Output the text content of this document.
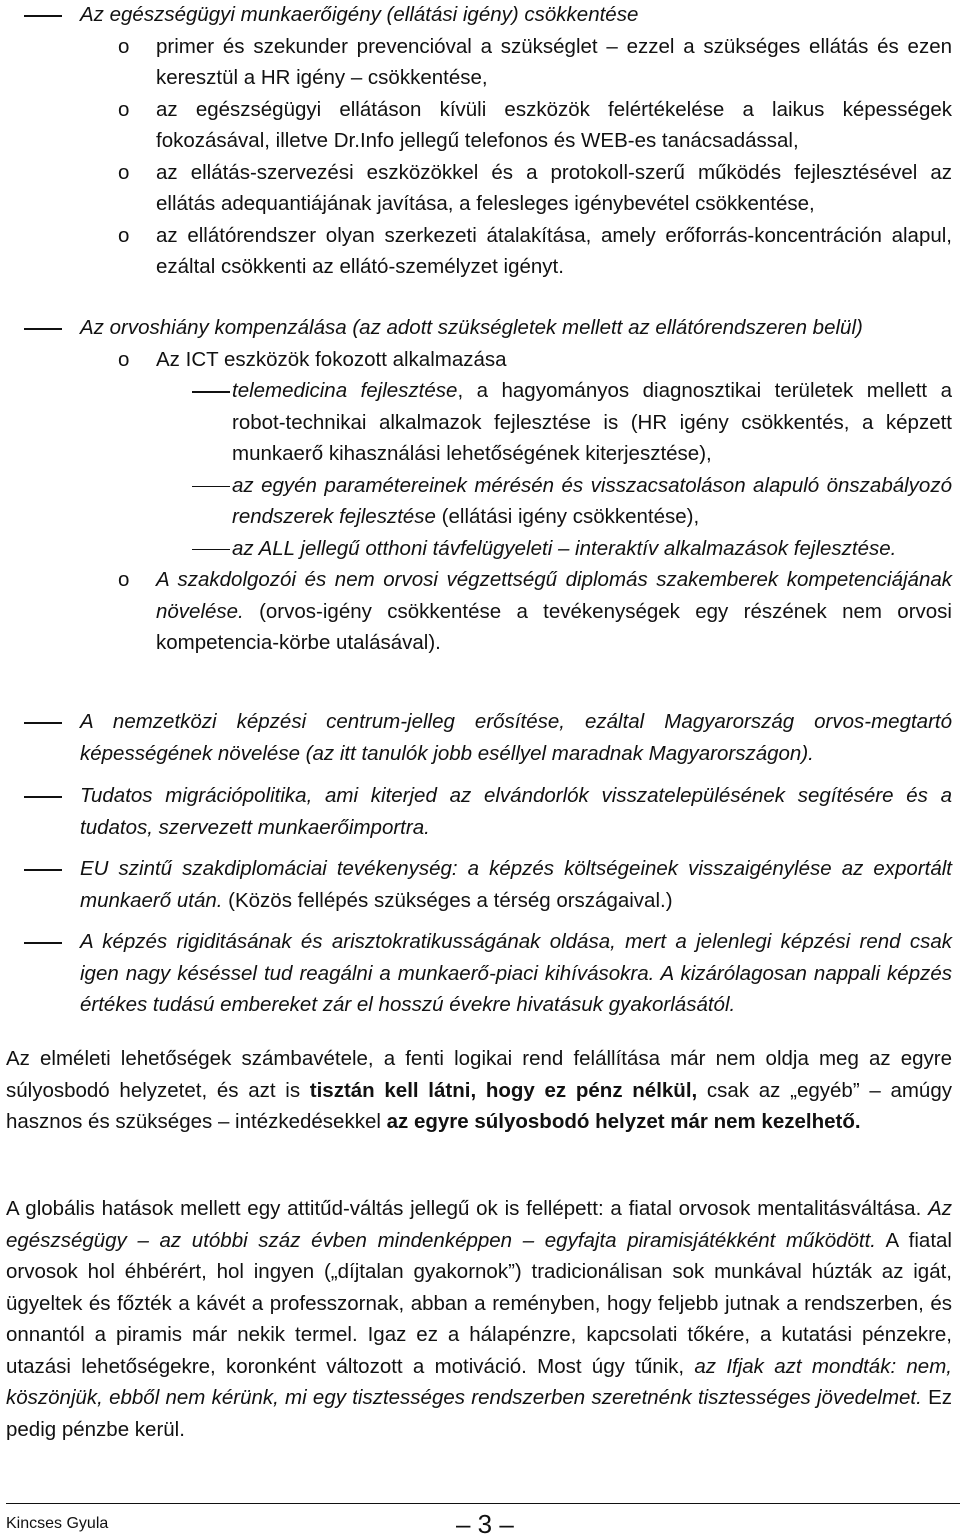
Az egészségügyi munkaerőigény (ellátási igény) csökkentése
o primer és szekunder prevencióval a szükséglet – ezzel a szükséges ellátás és ezen keresztül a HR igény – csökkentése,
o az egészségügyi ellátáson kívüli eszközök felértékelése a laikus képességek fokozásával, illetve Dr.Info jellegű telefonos és WEB-es tanácsadással,
o az ellátás-szervezési eszközökkel és a protokoll-szerű működés fejlesztésével az ellátás adequantiájának javítása, a felesleges igénybevétel csökkentése,
o az ellátórendszer olyan szerkezeti átalakítása, amely erőforrás-koncentráción alapul, ezáltal csökkenti az ellátó-személyzet igényt.
Az orvoshiány kompenzálása (az adott szükségletek mellett az ellátórendszeren belül)
o Az ICT eszközök fokozott alkalmazása
telemedicina fejlesztése, a hagyományos diagnosztikai területek mellett a robot-technikai alkalmazok fejlesztése is (HR igény csökkentés, a képzett munkaerő kihasználási lehetőségének kiterjesztése),
az egyén paramétereinek mérésén és visszacsatoláson alapuló önszabályozó rendszerek fejlesztése (ellátási igény csökkentése),
az ALL jellegű otthoni távfelügyeleti – interaktív alkalmazások fejlesztése.
o A szakdolgozói és nem orvosi végzettségű diplomás szakemberek kompetenciájának növelése. (orvos-igény csökkentése a tevékenységek egy részének nem orvosi kompetencia-körbe utalásával).
A nemzetközi képzési centrum-jelleg erősítése, ezáltal Magyarország orvos-megtartó képességének növelése (az itt tanulók jobb eséllyel maradnak Magyarországon).
Tudatos migrációpolitika, ami kiterjed az elvándorlók visszatelepülésének segítésére és a tudatos, szervezett munkaerőimportra.
EU szintű szakdiplomáciai tevékenység: a képzés költségeinek visszaigénylése az exportált munkaerő után. (Közös fellépés szükséges a térség országaival.)
A képzés rigiditásának és arisztokratikusságának oldása, mert a jelenlegi képzési rend csak igen nagy késéssel tud reagálni a munkaerő-piaci kihívásokra. A kizárólagosan nappali képzés értékes tudású embereket zár el hosszú évekre hivatásuk gyakorlásától.
Az elméleti lehetőségek számbavétele, a fenti logikai rend felállítása már nem oldja meg az egyre súlyosbodó helyzetet, és azt is tisztán kell látni, hogy ez pénz nélkül, csak az „egyéb” – amúgy hasznos és szükséges – intézkedésekkel az egyre súlyosbodó helyzet már nem kezelhető.
A globális hatások mellett egy attitűd-váltás jellegű ok is fellépett: a fiatal orvosok mentalitásváltása. Az egészségügy – az utóbbi száz évben mindenképpen – egyfajta piramisjátékként működött. A fiatal orvosok hol éhbérért, hol ingyen („díjtalan gyakornok”) tradicionálisan sok munkával húzták az igát, ügyeltek és főzték a kávét a professzornak, abban a reményben, hogy feljebb jutnak a rendszerben, és onnantól a piramis már nekik termel. Igaz ez a hálapénzre, kapcsolati tőkére, a kutatási pénzekre, utazási lehetőségekre, koronként változott a motiváció. Most úgy tűnik, az Ifjak azt mondták: nem, köszönjük, ebből nem kérünk, mi egy tisztességes rendszerben szeretnénk tisztességes jövedelmet. Ez pedig pénzbe kerül.
Kincses Gyula	– 3 –
